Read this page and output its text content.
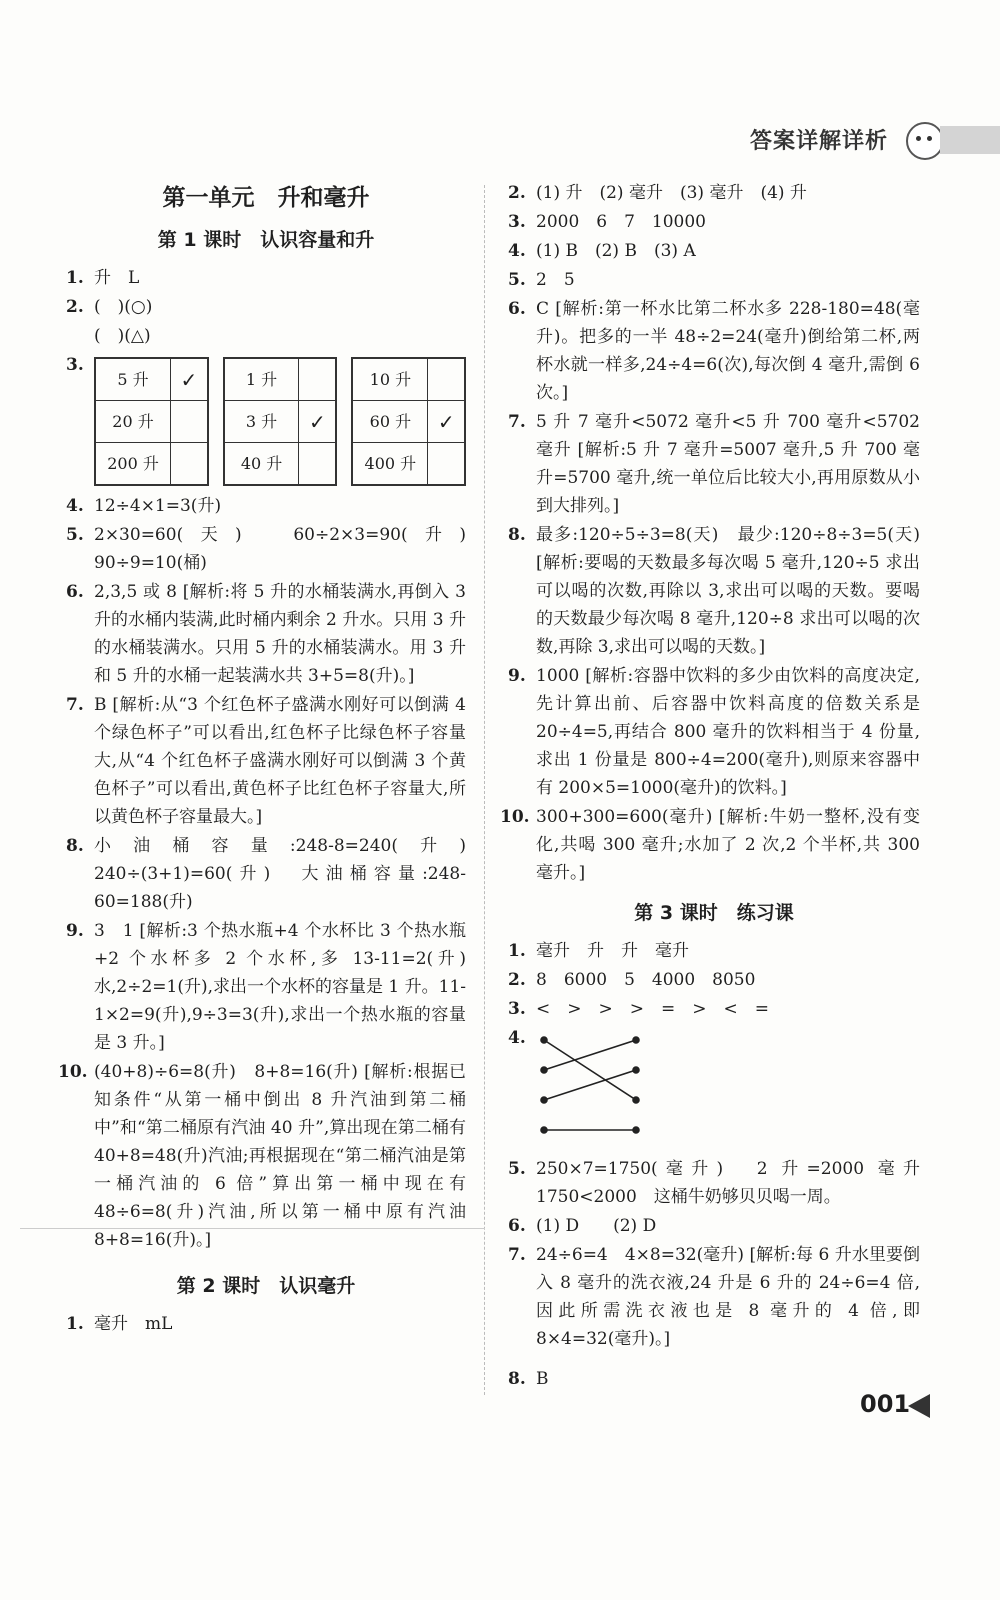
答案详解详析
第一单元　升和毫升
第 1 课时　认识容量和升
1. 升　L
2. (　)(○)
(　)(△)
3.
5 升	✓
20 升	
200 升	
1 升	
3 升	✓
40 升	
10 升	
60 升	✓
400 升	
4. 12÷4×1=3(升)
5. 2×30=60(天)　60÷2×3=90(升)　90÷9=10(桶)
6. 2,3,5 或 8 [解析:将 5 升的水桶装满水,再倒入 3 升的水桶内装满,此时桶内剩余 2 升水。只用 3 升的水桶装满水。只用 5 升的水桶装满水。用 3 升和 5 升的水桶一起装满水共 3+5=8(升)。]
7. B [解析:从“3 个红色杯子盛满水刚好可以倒满 4 个绿色杯子”可以看出,红色杯子比绿色杯子容量大,从“4 个红色杯子盛满水刚好可以倒满 3 个黄色杯子”可以看出,黄色杯子比红色杯子容量大,所以黄色杯子容量最大。]
8. 小油桶容量:248-8=240(升)　240÷(3+1)=60(升)　大油桶容量:248-60=188(升)
9. 3　1 [解析:3 个热水瓶+4 个水杯比 3 个热水瓶+2 个水杯多 2 个水杯,多 13-11=2(升)水,2÷2=1(升),求出一个水杯的容量是 1 升。11-1×2=9(升),9÷3=3(升),求出一个热水瓶的容量是 3 升。]
10. (40+8)÷6=8(升)　8+8=16(升) [解析:根据已知条件“从第一桶中倒出 8 升汽油到第二桶中”和“第二桶原有汽油 40 升”,算出现在第二桶有 40+8=48(升)汽油;再根据现在“第二桶汽油是第一桶汽油的 6 倍”算出第一桶中现在有 48÷6=8(升)汽油,所以第一桶中原有汽油 8+8=16(升)。]
第 2 课时　认识毫升
1. 毫升　mL
2. (1) 升　(2) 毫升　(3) 毫升　(4) 升
3. 2000　6　7　10000
4. (1) B　(2) B　(3) A
5. 2　5
6. C [解析:第一杯水比第二杯水多 228-180=48(毫升)。把多的一半 48÷2=24(毫升)倒给第二杯,两杯水就一样多,24÷4=6(次),每次倒 4 毫升,需倒 6 次。]
7. 5 升 7 毫升<5072 毫升<5 升 700 毫升<5702 毫升 [解析:5 升 7 毫升=5007 毫升,5 升 700 毫升=5700 毫升,统一单位后比较大小,再用原数从小到大排列。]
8. 最多:120÷5÷3=8(天)　最少:120÷8÷3=5(天) [解析:要喝的天数最多每次喝 5 毫升,120÷5 求出可以喝的次数,再除以 3,求出可以喝的天数。要喝的天数最少每次喝 8 毫升,120÷8 求出可以喝的次数,再除 3,求出可以喝的天数。]
9. 1000 [解析:容器中饮料的多少由饮料的高度决定,先计算出前、后容器中饮料高度的倍数关系是 20÷4=5,再结合 800 毫升的饮料相当于 4 份量,求出 1 份量是 800÷4=200(毫升),则原来容器中有 200×5=1000(毫升)的饮料。]
10. 300+300=600(毫升) [解析:牛奶一整杯,没有变化,共喝 300 毫升;水加了 2 次,2 个半杯,共 300 毫升。]
第 3 课时　练习课
1. 毫升　升　升　毫升
2. 8　6000　5　4000　8050
3. <　>　>　>　=　>　<　=
4.
5. 250×7=1750(毫升)　2 升=2000 毫升　1750<2000　这桶牛奶够贝贝喝一周。
6. (1) D　　(2) D
7. 24÷6=4　4×8=32(毫升) [解析:每 6 升水里要倒入 8 毫升的洗衣液,24 升是 6 升的 24÷6=4 倍,因此所需洗衣液也是 8 毫升的 4 倍,即 8×4=32(毫升)。]
8. B
001
